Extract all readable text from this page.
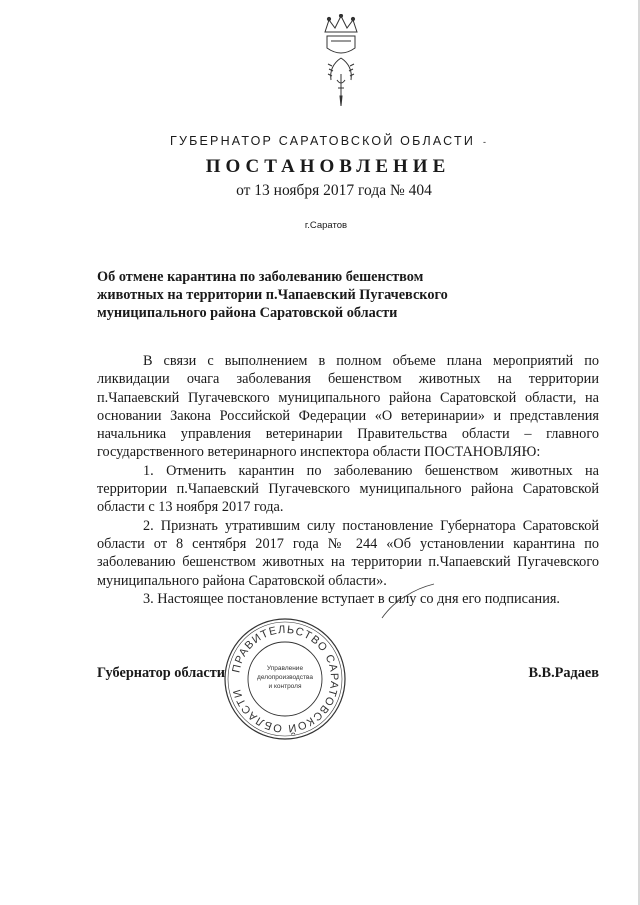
ГУБЕРНАТОР САРАТОВСКОЙ ОБЛАСТИ -
ПОСТАНОВЛЕНИЕ
от 13 ноября 2017 года № 404
г.Саратов
Об отмене карантина по заболеванию бешенством
животных на территории п.Чапаевский Пугачевского
муниципального района Саратовской области

В связи с выполнением в полном объеме плана мероприятий по ликвидации очага заболевания бешенством животных на территории п.Чапаевский Пугачевского муниципального района Саратовской области, на основании Закона Российской Федерации «О ветеринарии» и представления начальника управления ветеринарии Правительства области – главного государственного ветеринарного инспектора области ПОСТАНОВЛЯЮ:

1. Отменить карантин по заболеванию бешенством животных на территории п.Чапаевский Пугачевского муниципального района Саратовской области с 13 ноября 2017 года.

2. Признать утратившим силу постановление Губернатора Саратовской области от 8 сентября 2017 года № 244 «Об установлении карантина по заболеванию бешенством животных на территории п.Чапаевский Пугачевского муниципального района Саратовской области».

3. Настоящее постановление вступает в силу со дня его подписания.

Губернатор области	В.В.Радаев
ПРАВИТЕЛЬСТВО САРАТОВСКОЙ ОБЛАСТИ
Управление
делопроизводства
и контроля
